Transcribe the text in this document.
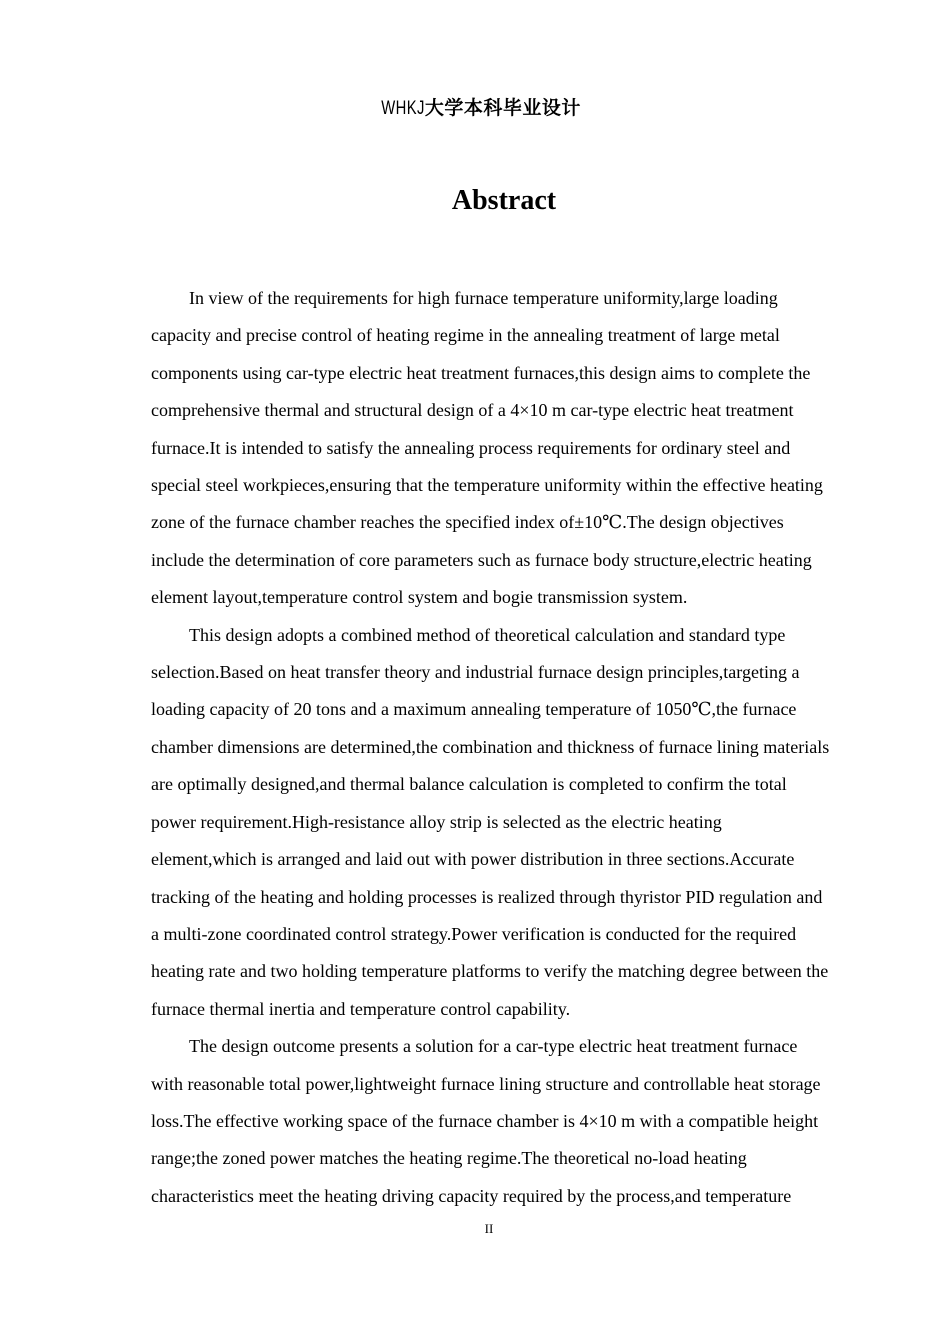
WHKJ大学本科毕业设计
Abstract

In view of the requirements for high furnace temperature uniformity,large loading
capacity and precise control of heating regime in the annealing treatment of large metal
components using car-type electric heat treatment furnaces,this design aims to complete the
comprehensive thermal and structural design of a 4×10 m car-type electric heat treatment
furnace.It is intended to satisfy the annealing process requirements for ordinary steel and
special steel workpieces,ensuring that the temperature uniformity within the effective heating
zone of the furnace chamber reaches the specified index of±10℃.The design objectives
include the determination of core parameters such as furnace body structure,electric heating
element layout,temperature control system and bogie transmission system.

This design adopts a combined method of theoretical calculation and standard type
selection.Based on heat transfer theory and industrial furnace design principles,targeting a
loading capacity of 20 tons and a maximum annealing temperature of 1050℃,the furnace
chamber dimensions are determined,the combination and thickness of furnace lining materials
are optimally designed,and thermal balance calculation is completed to confirm the total
power requirement.High-resistance alloy strip is selected as the electric heating
element,which is arranged and laid out with power distribution in three sections.Accurate
tracking of the heating and holding processes is realized through thyristor PID regulation and
a multi-zone coordinated control strategy.Power verification is conducted for the required
heating rate and two holding temperature platforms to verify the matching degree between the
furnace thermal inertia and temperature control capability.

The design outcome presents a solution for a car-type electric heat treatment furnace
with reasonable total power,lightweight furnace lining structure and controllable heat storage
loss.The effective working space of the furnace chamber is 4×10 m with a compatible height
range;the zoned power matches the heating regime.The theoretical no-load heating
characteristics meet the heating driving capacity required by the process,and temperature

II
